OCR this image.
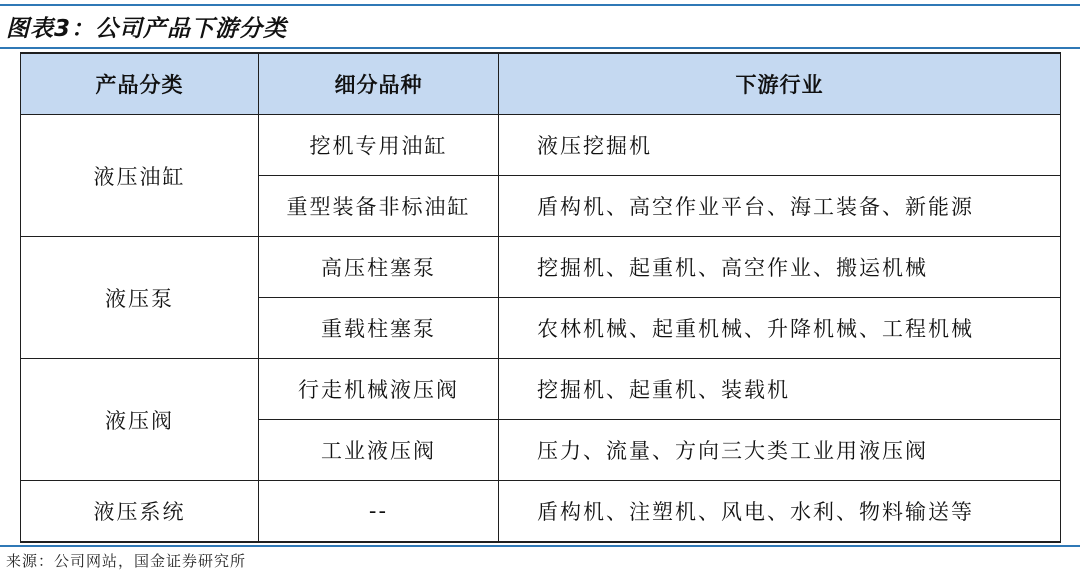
图表3：公司产品下游分类
产品分类	细分品种	下游行业
液压油缸	挖机专用油缸	液压挖掘机
	重型装备非标油缸	盾构机、高空作业平台、海工装备、新能源
液压泵	高压柱塞泵	挖掘机、起重机、高空作业、搬运机械
	重载柱塞泵	农林机械、起重机械、升降机械、工程机械
液压阀	行走机械液压阀	挖掘机、起重机、装载机
	工业液压阀	压力、流量、方向三大类工业用液压阀
液压系统	--	盾构机、注塑机、风电、水利、物料输送等
来源：公司网站，国金证券研究所
